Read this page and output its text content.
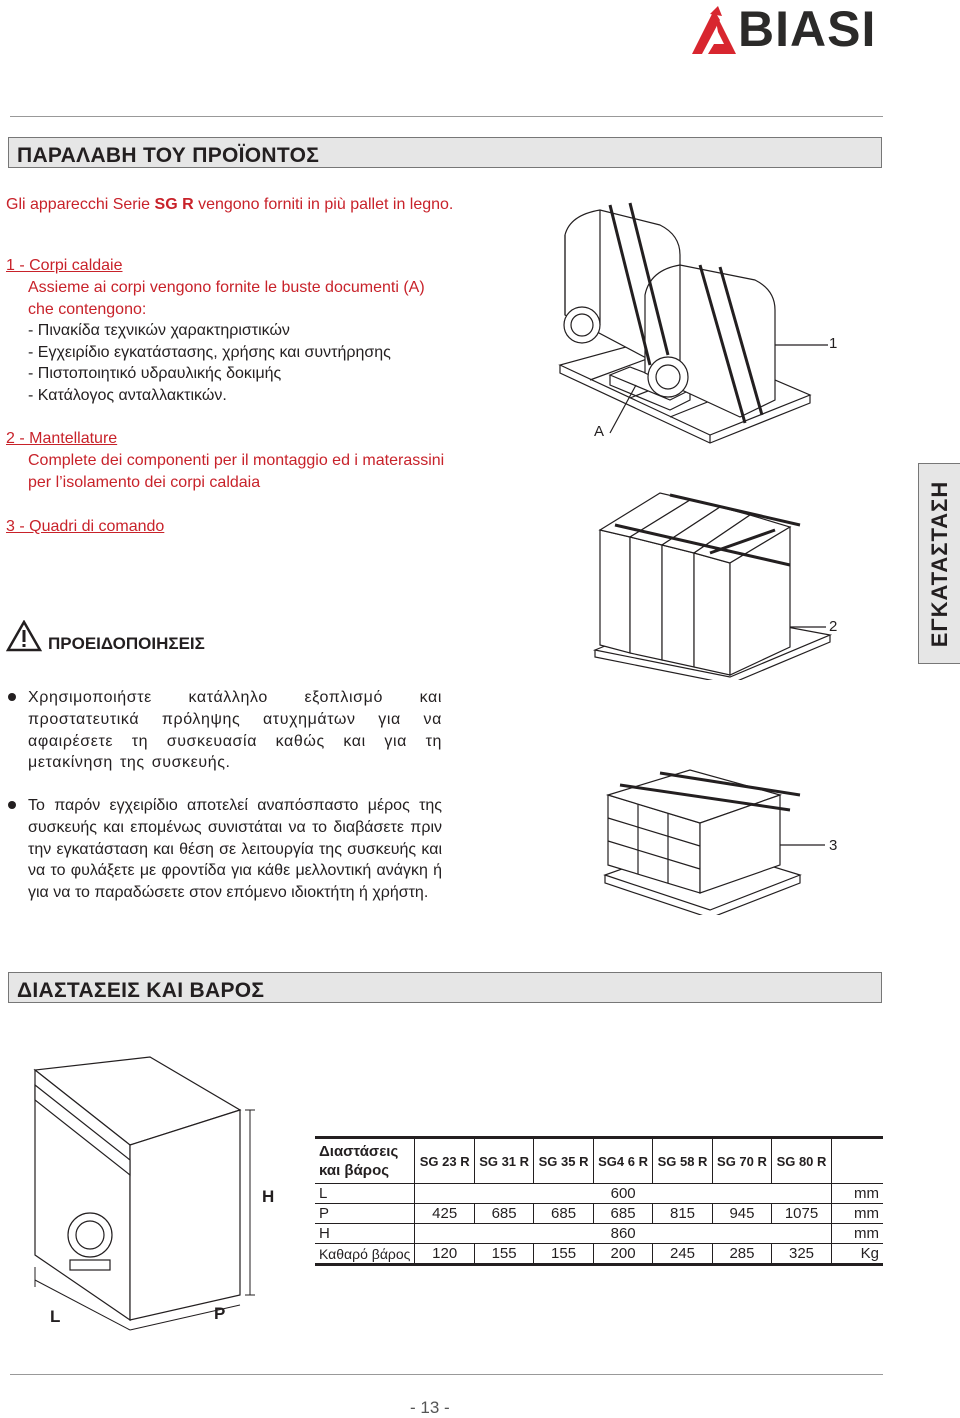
BIASI
ΠΑΡΑΛΑΒΗ ΤΟΥ ΠΡΟΪΟΝΤΟΣ
Gli apparecchi Serie SG R vengono forniti in più pallet in legno.
1 - Corpi caldaie
Assieme ai corpi vengono fornite le buste documenti (A)
che contengono:
- Πινακίδα τεχνικών χαρακτηριστικών
- Εγχειρίδιο εγκατάστασης, χρήσης και συντήρησης
- Πιστοποιητικό υδραυλικής δοκιμής
- Κατάλογος ανταλλακτικών.
2 - Mantellature
Complete dei componenti per il montaggio ed i materassini
per l’isolamento dei corpi caldaia
3 - Quadri di comando
ΠΡΟΕΙΔΟΠΟΙΗΣΕΙΣ
Χρησιμοποιήστε κατάλληλο εξοπλισμό και προστατευτικά πρόληψης ατυχημάτων για να αφαιρέσετε τη συσκευασία καθώς και για τη μετακίνηση της συσκευής.
Το παρόν εγχειρίδιο αποτελεί αναπόσπαστο μέρος της συσκευής και επομένως συνιστάται να το διαβάσετε πριν την εγκατάσταση και θέση σε λειτουργία της συσκευής και να το φυλάξετε με φροντίδα για κάθε μελλοντική ανάγκη ή για να το παραδώσετε στον επόμενο ιδιοκτήτη ή χρήστη.
1
A
2
3
ΕΓΚΑΤΑΣΤΑΣΗ
ΔΙΑΣΤΑΣΕΙΣ ΚΑΙ ΒΑΡΟΣ
H
L	P
Διαστάσεις
και βάρος	SG 23 R	SG 31 R	SG 35 R	SG4 6 R	SG 58 R	SG 70 R	SG 80 R	
L	600							mm
P	425	685	685	685	815	945	1075	mm
H	860							mm
Καθαρό βάρος	120	155	155	200	245	285	325	Kg
- 13 -
